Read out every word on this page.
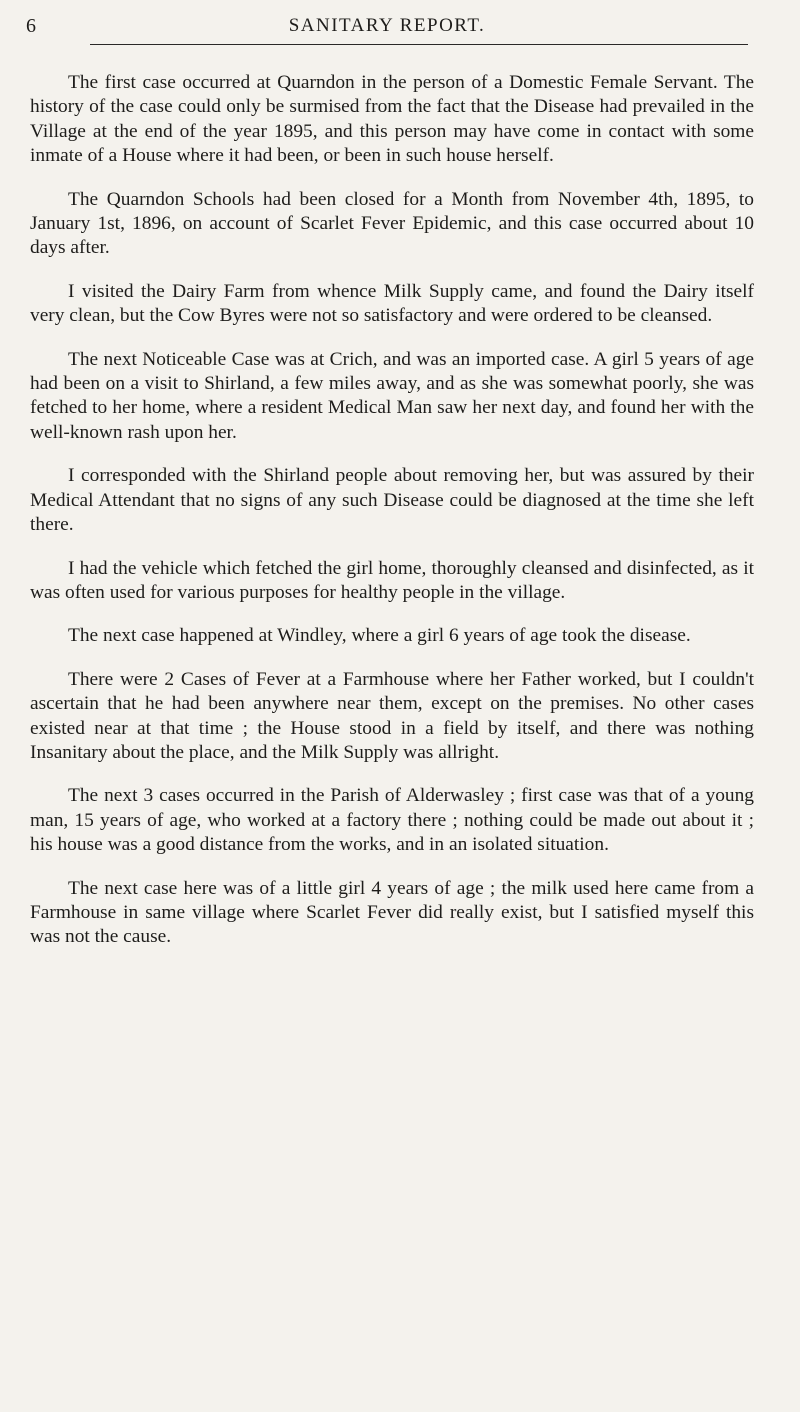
6	SANITARY REPORT.

The first case occurred at Quarndon in the person of a Domestic Female Servant. The history of the case could only be surmised from the fact that the Disease had prevailed in the Village at the end of the year 1895, and this person may have come in contact with some inmate of a House where it had been, or been in such house herself.

The Quarndon Schools had been closed for a Month from November 4th, 1895, to January 1st, 1896, on account of Scarlet Fever Epidemic, and this case occurred about 10 days after.

I visited the Dairy Farm from whence Milk Supply came, and found the Dairy itself very clean, but the Cow Byres were not so satisfactory and were ordered to be cleansed.

The next Noticeable Case was at Crich, and was an imported case. A girl 5 years of age had been on a visit to Shirland, a few miles away, and as she was somewhat poorly, she was fetched to her home, where a resident Medical Man saw her next day, and found her with the well-known rash upon her.

I corresponded with the Shirland people about removing her, but was assured by their Medical Attendant that no signs of any such Disease could be diagnosed at the time she left there.

I had the vehicle which fetched the girl home, thoroughly cleansed and disinfected, as it was often used for various purposes for healthy people in the village.

The next case happened at Windley, where a girl 6 years of age took the disease.

There were 2 Cases of Fever at a Farmhouse where her Father worked, but I couldn't ascertain that he had been anywhere near them, except on the premises. No other cases existed near at that time ; the House stood in a field by itself, and there was nothing Insanitary about the place, and the Milk Supply was allright.

The next 3 cases occurred in the Parish of Alderwasley ; first case was that of a young man, 15 years of age, who worked at a factory there ; nothing could be made out about it ; his house was a good distance from the works, and in an isolated situation.

The next case here was of a little girl 4 years of age ; the milk used here came from a Farmhouse in same village where Scarlet Fever did really exist, but I satisfied myself this was not the cause.
